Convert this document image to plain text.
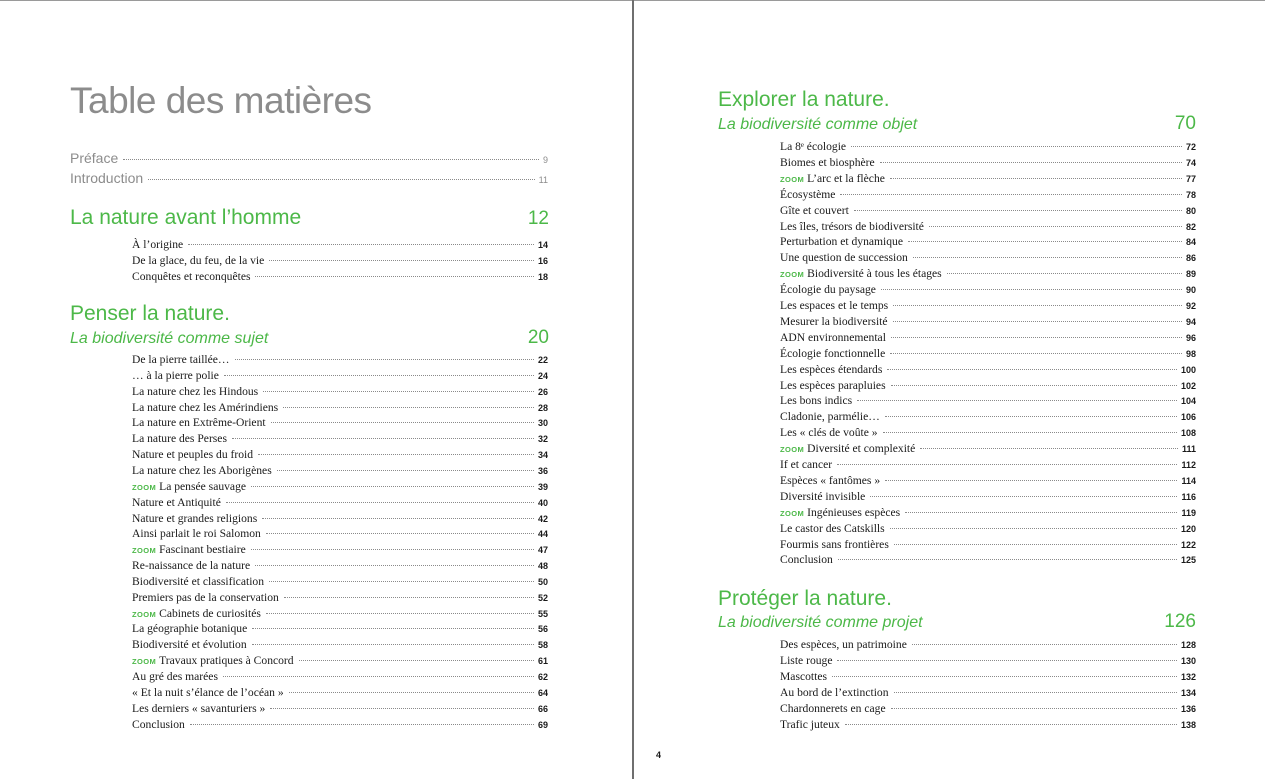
Table des matières
Préface	9
Introduction	11
La nature avant l’homme	12
À l’origine	14
De la glace, du feu, de la vie	16
Conquêtes et reconquêtes	18
Penser la nature.
La biodiversité comme sujet	20
De la pierre taillée…	22
… à la pierre polie	24
La nature chez les Hindous	26
La nature chez les Amérindiens	28
La nature en Extrême-Orient	30
La nature des Perses	32
Nature et peuples du froid	34
La nature chez les Aborigènes	36
ZOOM La pensée sauvage	39
Nature et Antiquité	40
Nature et grandes religions	42
Ainsi parlait le roi Salomon	44
ZOOM Fascinant bestiaire	47
Re-naissance de la nature	48
Biodiversité et classification	50
Premiers pas de la conservation	52
ZOOM Cabinets de curiosités	55
La géographie botanique	56
Biodiversité et évolution	58
ZOOM Travaux pratiques à Concord	61
Au gré des marées	62
« Et la nuit s’élance de l’océan »	64
Les derniers « savanturiers »	66
Conclusion	69
Explorer la nature.
La biodiversité comme objet	70
La 8ᵉ écologie	72
Biomes et biosphère	74
ZOOM L’arc et la flèche	77
Écosystème	78
Gîte et couvert	80
Les îles, trésors de biodiversité	82
Perturbation et dynamique	84
Une question de succession	86
ZOOM Biodiversité à tous les étages	89
Écologie du paysage	90
Les espaces et le temps	92
Mesurer la biodiversité	94
ADN environnemental	96
Écologie fonctionnelle	98
Les espèces étendards	100
Les espèces parapluies	102
Les bons indics	104
Cladonie, parmélie…	106
Les « clés de voûte »	108
ZOOM Diversité et complexité	111
If et cancer	112
Espèces « fantômes »	114
Diversité invisible	116
ZOOM Ingénieuses espèces	119
Le castor des Catskills	120
Fourmis sans frontières	122
Conclusion	125
Protéger la nature.
La biodiversité comme projet	126
Des espèces, un patrimoine	128
Liste rouge	130
Mascottes	132
Au bord de l’extinction	134
Chardonnerets en cage	136
Trafic juteux	138
4
